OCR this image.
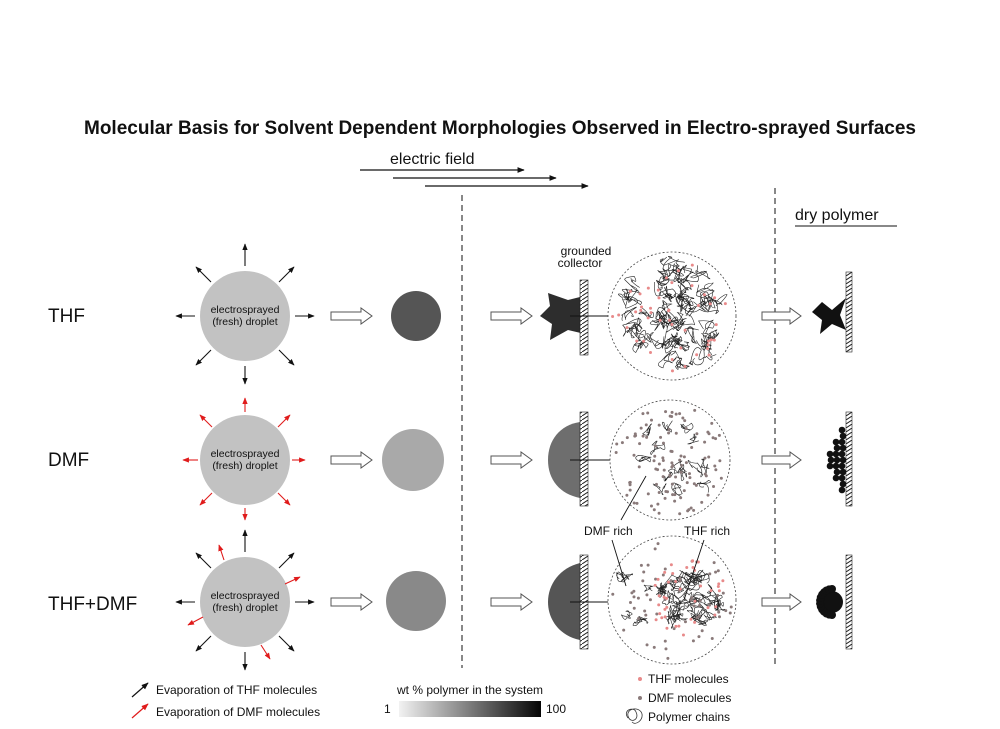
Molecular Basis for Solvent Dependent Morphologies Observed in Electro-sprayed Surfaces
electric field
dry polymer
grounded
collector
THF
DMF
THF+DMF
electrosprayed
(fresh) droplet
electrosprayed
(fresh) droplet
electrosprayed
(fresh) droplet
DMF rich	THF rich
Evaporation of THF molecules
Evaporation of DMF molecules
wt % polymer in the system
1	100
THF molecules
DMF molecules
Polymer chains
